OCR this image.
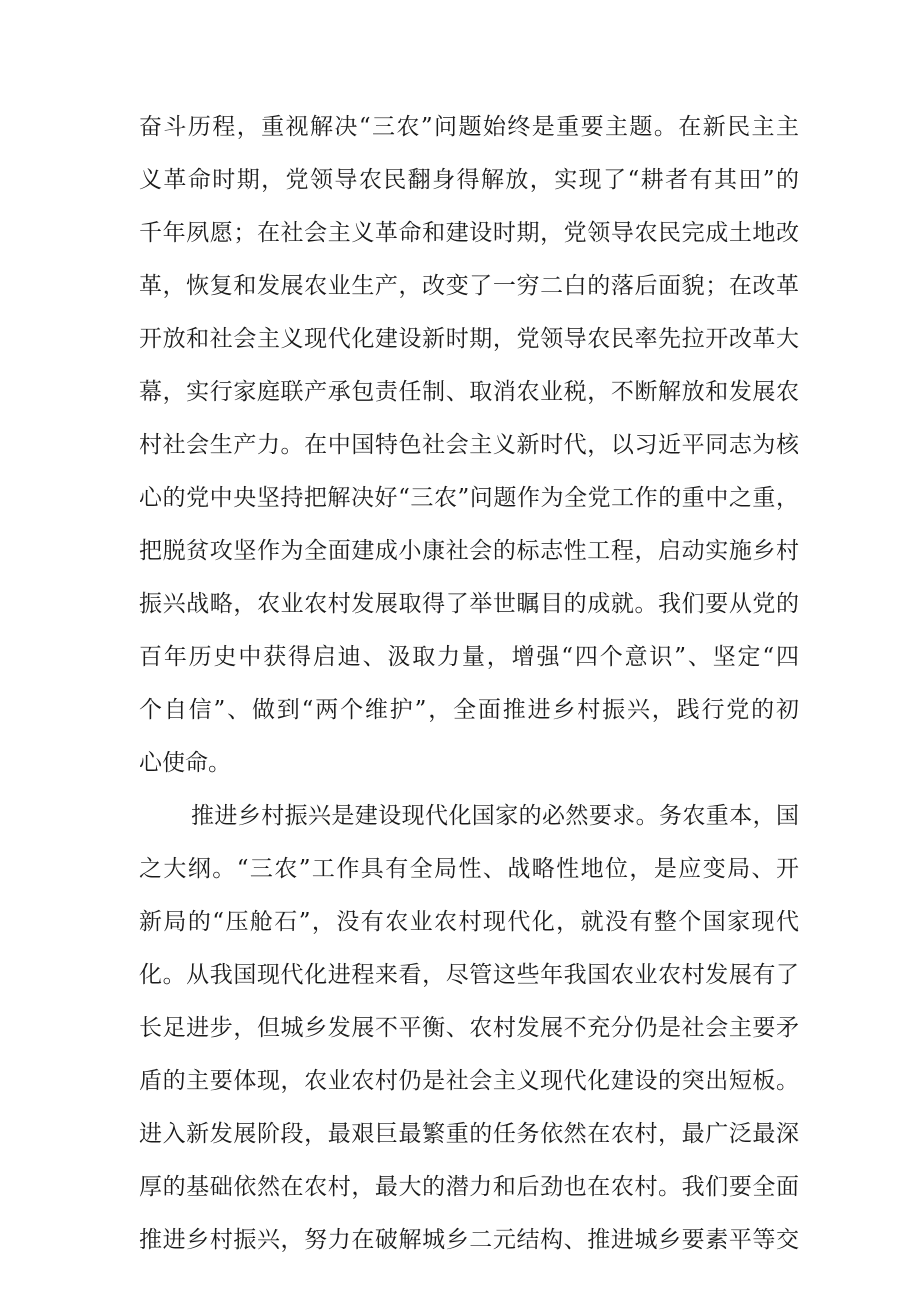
奋斗历程，重视解决“三农”问题始终是重要主题。在新民主主
义革命时期，党领导农民翻身得解放，实现了“耕者有其田”的
千年夙愿；在社会主义革命和建设时期，党领导农民完成土地改
革，恢复和发展农业生产，改变了一穷二白的落后面貌；在改革
开放和社会主义现代化建设新时期，党领导农民率先拉开改革大
幕，实行家庭联产承包责任制、取消农业税，不断解放和发展农
村社会生产力。在中国特色社会主义新时代，以习近平同志为核
心的党中央坚持把解决好“三农”问题作为全党工作的重中之重，
把脱贫攻坚作为全面建成小康社会的标志性工程，启动实施乡村
振兴战略，农业农村发展取得了举世瞩目的成就。我们要从党的
百年历史中获得启迪、汲取力量，增强“四个意识”、坚定“四
个自信”、做到“两个维护”，全面推进乡村振兴，践行党的初
心使命。
推进乡村振兴是建设现代化国家的必然要求。务农重本，国
之大纲。“三农”工作具有全局性、战略性地位，是应变局、开
新局的“压舱石”，没有农业农村现代化，就没有整个国家现代
化。从我国现代化进程来看，尽管这些年我国农业农村发展有了
长足进步，但城乡发展不平衡、农村发展不充分仍是社会主要矛
盾的主要体现，农业农村仍是社会主义现代化建设的突出短板。
进入新发展阶段，最艰巨最繁重的任务依然在农村，最广泛最深
厚的基础依然在农村，最大的潜力和后劲也在农村。我们要全面
推进乡村振兴，努力在破解城乡二元结构、推进城乡要素平等交
